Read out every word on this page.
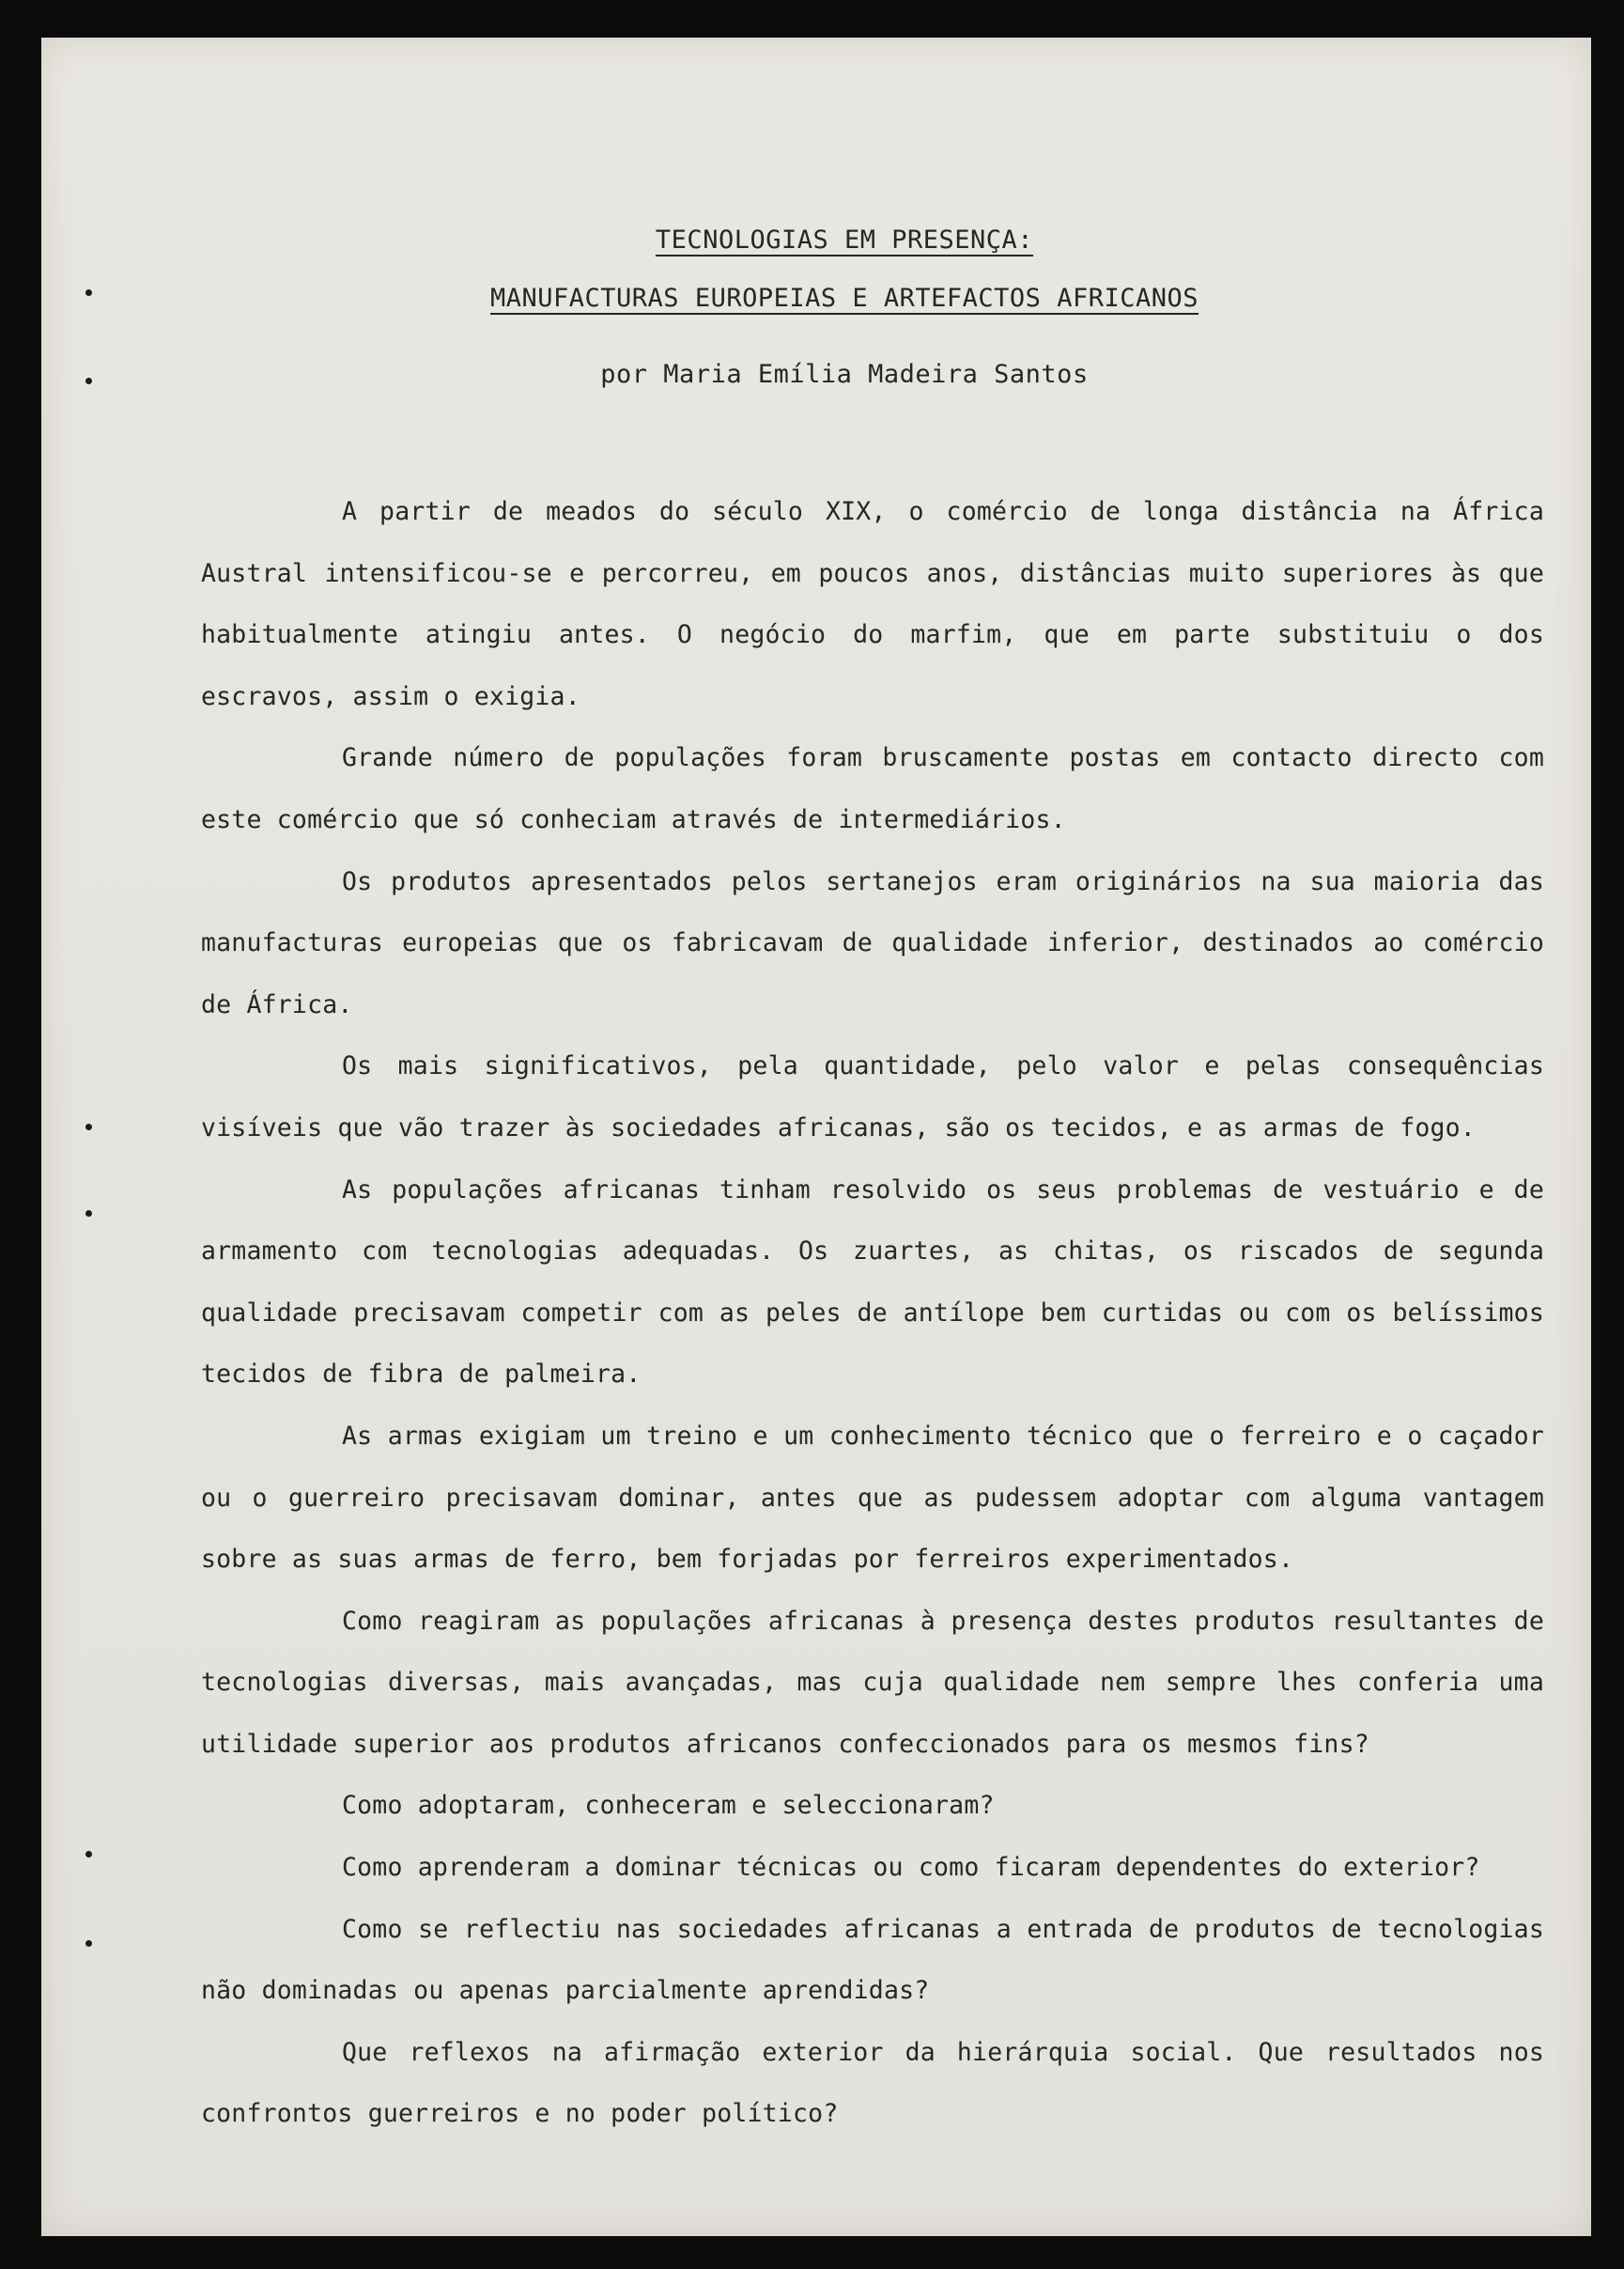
TECNOLOGIAS EM PRESENÇA:
MANUFACTURAS EUROPEIAS E ARTEFACTOS AFRICANOS
por Maria Emília Madeira Santos

A partir de meados do século XIX, o comércio de longa distância na África Austral intensificou-se e percorreu, em poucos anos, distâncias muito superiores às que habitualmente atingiu antes. O negócio do marfim, que em parte substituiu o dos escravos, assim o exigia.

Grande número de populações foram bruscamente postas em contacto directo com este comércio que só conheciam através de intermediários.

Os produtos apresentados pelos sertanejos eram originários na sua maioria das manufacturas europeias que os fabricavam de qualidade inferior, destinados ao comércio de África.

Os mais significativos, pela quantidade, pelo valor e pelas consequências visíveis que vão trazer às sociedades africanas, são os tecidos, e as armas de fogo.

As populações africanas tinham resolvido os seus problemas de vestuário e de armamento com tecnologias adequadas. Os zuartes, as chitas, os riscados de segunda qualidade precisavam competir com as peles de antílope bem curtidas ou com os belíssimos tecidos de fibra de palmeira.

As armas exigiam um treino e um conhecimento técnico que o ferreiro e o caçador ou o guerreiro precisavam dominar, antes que as pudessem adoptar com alguma vantagem sobre as suas armas de ferro, bem forjadas por ferreiros experimentados.

Como reagiram as populações africanas à presença destes produtos resultantes de tecnologias diversas, mais avançadas, mas cuja qualidade nem sempre lhes conferia uma utilidade superior aos produtos africanos confeccionados para os mesmos fins?

Como adoptaram, conheceram e seleccionaram?

Como aprenderam a dominar técnicas ou como ficaram dependentes do exterior?

Como se reflectiu nas sociedades africanas a entrada de produtos de tecnologias não dominadas ou apenas parcialmente aprendidas?

Que reflexos na afirmação exterior da hierárquia social. Que resultados nos confrontos guerreiros e no poder político?
